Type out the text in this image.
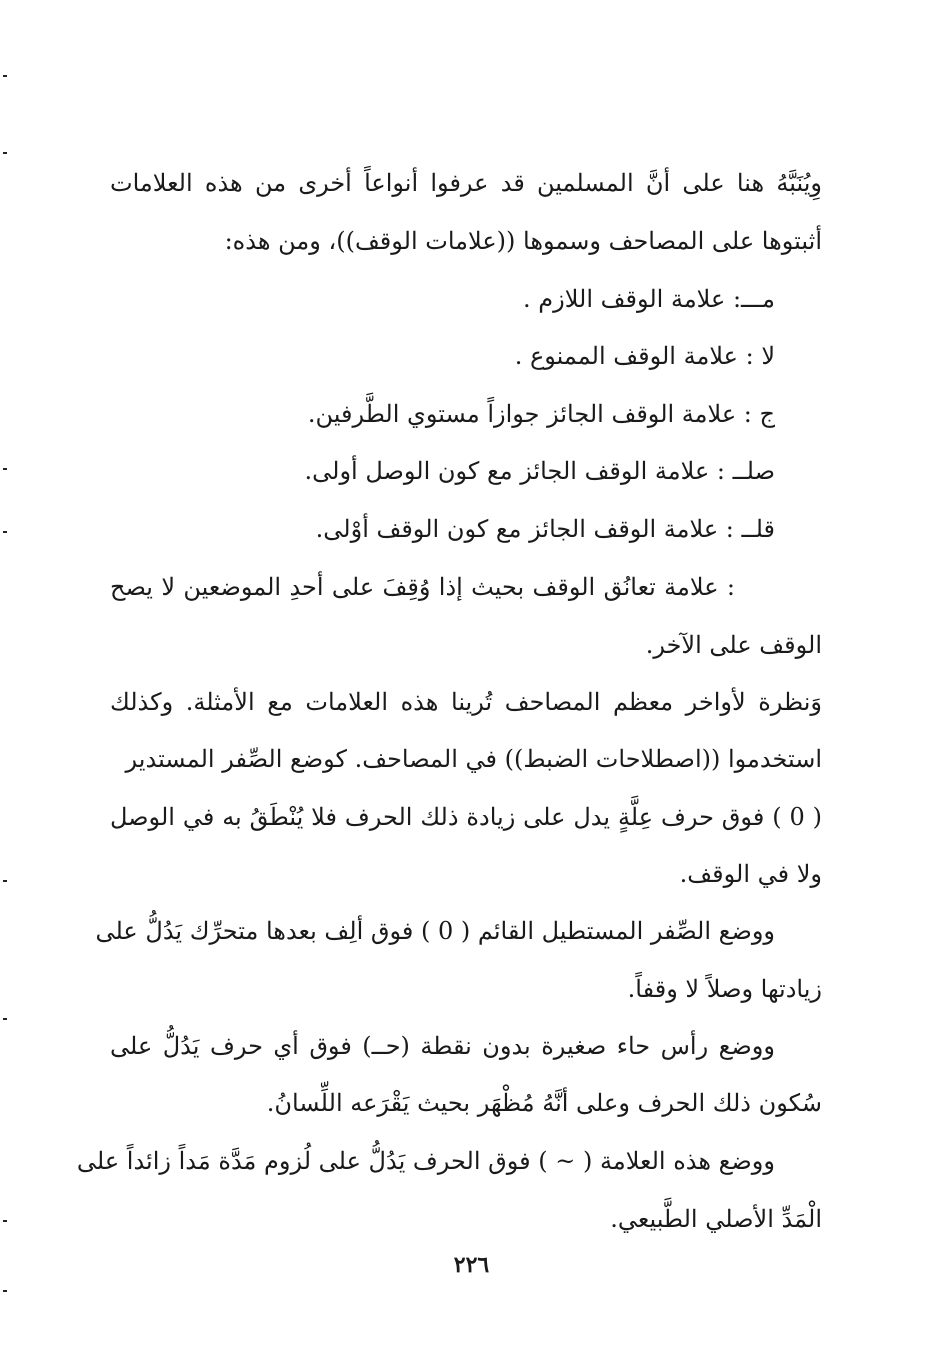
وِيُنَبَّهُ هنا على أنَّ المسلمين قد عرفوا أنواعاً أخرى من هذه العلامات
أثبتوها على المصاحف وسموها ((علامات الوقف))، ومن هذه:
مـــ: علامة الوقف اللازم .
لا : علامة الوقف الممنوع .
ج : علامة الوقف الجائز جوازاً مستوي الطَّرفين.
صلــ : علامة الوقف الجائز مع كون الوصل أولى.
قلــ : علامة الوقف الجائز مع كون الوقف أوْلى.
: علامة تعانُق الوقف بحيث إذا وُقِفَ على أحدِ الموضعين لا يصح
الوقف على الآخر.
وَنظرة لأواخر معظم المصاحف تُرينا هذه العلامات مع الأمثلة. وكذلك
استخدموا ((اصطلاحات الضبط)) في المصاحف. كوضع الصِّفر المستدير
( 0 ) فوق حرف عِلَّةٍ يدل على زيادة ذلك الحرف فلا يُنْطَقُ به في الوصل
ولا في الوقف.
ووضع الصِّفر المستطيل القائم ( 0 ) فوق ألِف بعدها متحرِّك يَدُلُّ على
زيادتها وصلاً لا وقفاً.
ووضع رأس حاء صغيرة بدون نقطة (حــ) فوق أي حرف يَدُلُّ على
سُكون ذلك الحرف وعلى أنَّهُ مُظْهَر بحيث يَقْرَعه اللِّسانُ.
ووضع هذه العلامة ( ~ ) فوق الحرف يَدُلُّ على لُزوم مَدَّة مَداً زائداً على
الْمَدِّ الأصلي الطَّبيعي.
٢٢٦
